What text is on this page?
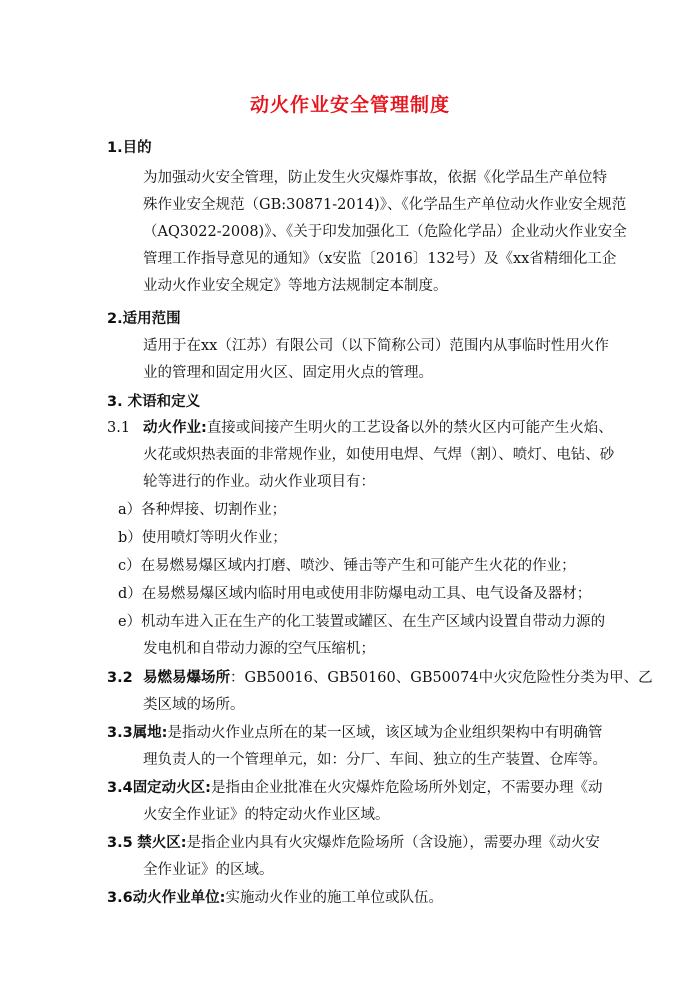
动火作业安全管理制度
1.目的
为加强动火安全管理，防止发生火灾爆炸事故，依据《化学品生产单位特
殊作业安全规范（GB:30871-2014)》、《化学品生产单位动火作业安全规范
（AQ3022-2008)》、《关于印发加强化工（危险化学品）企业动火作业安全
管理工作指导意见的通知》（x安监〔2016〕132号）及《xx省精细化工企
业动火作业安全规定》等地方法规制定本制度。
2.适用范围
适用于在xx（江苏）有限公司（以下简称公司）范围内从事临时性用火作
业的管理和固定用火区、固定用火点的管理。
3. 术语和定义
3.1 动火作业:直接或间接产生明火的工艺设备以外的禁火区内可能产生火焰、
火花或炽热表面的非常规作业，如使用电焊、气焊（割）、喷灯、电钻、砂
轮等进行的作业。动火作业项目有：
a）各种焊接、切割作业；
b）使用喷灯等明火作业；
c）在易燃易爆区域内打磨、喷沙、锤击等产生和可能产生火花的作业；
d）在易燃易爆区域内临时用电或使用非防爆电动工具、电气设备及器材；
e）机动车进入正在生产的化工装置或罐区、在生产区域内设置自带动力源的
发电机和自带动力源的空气压缩机；
3.2 易燃易爆场所：GB50016、GB50160、GB50074中火灾危险性分类为甲、乙
类区域的场所。
3.3属地:是指动火作业点所在的某一区域，该区域为企业组织架构中有明确管
理负责人的一个管理单元，如：分厂、车间、独立的生产装置、仓库等。
3.4固定动火区:是指由企业批准在火灾爆炸危险场所外划定，不需要办理《动
火安全作业证》的特定动火作业区域。
3.5 禁火区:是指企业内具有火灾爆炸危险场所（含设施），需要办理《动火安
全作业证》的区域。
3.6动火作业单位:实施动火作业的施工单位或队伍。
